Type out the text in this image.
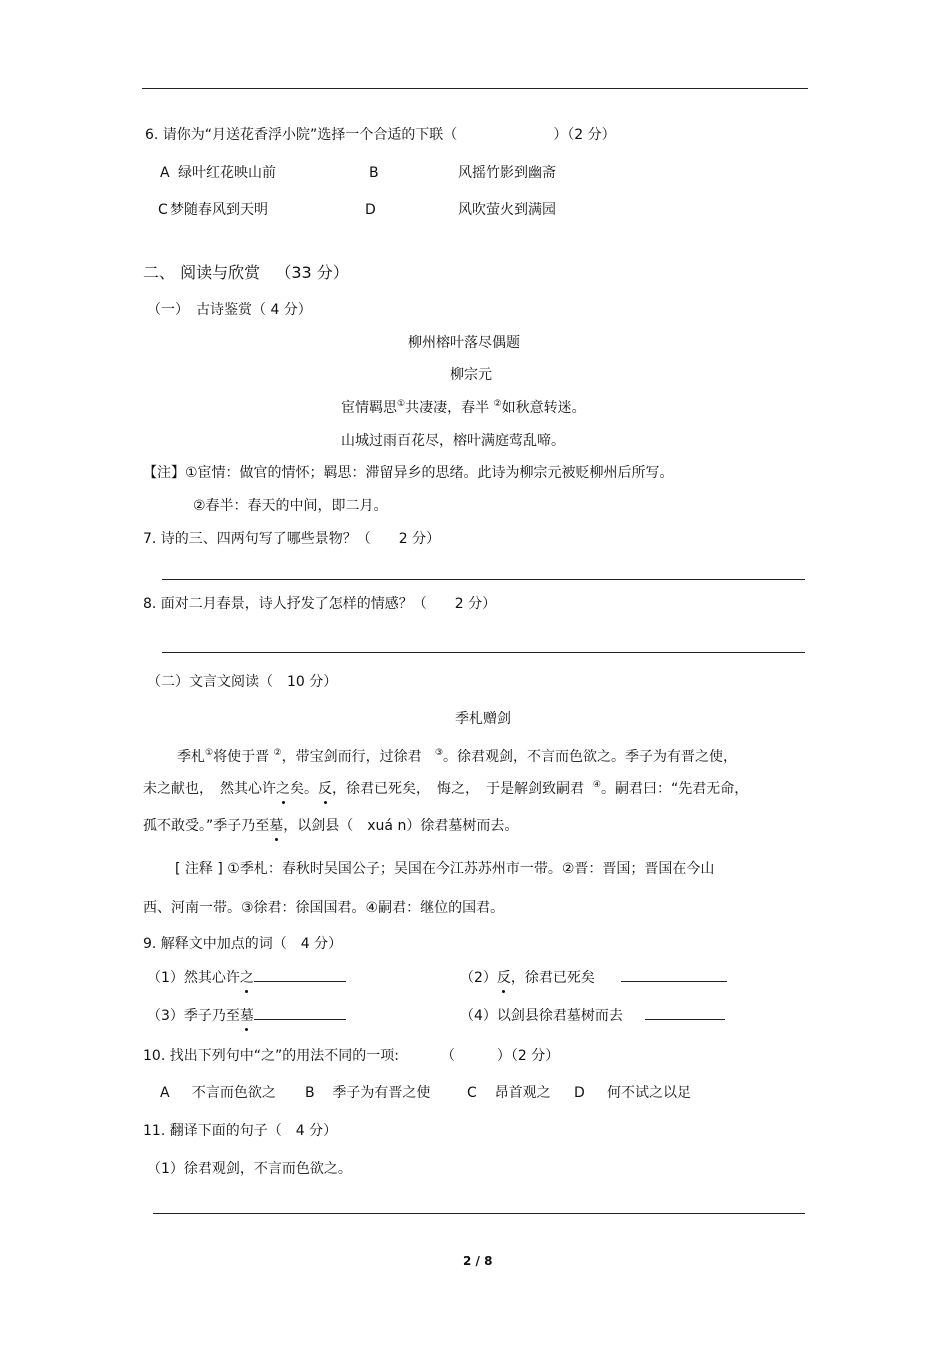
6. 请你为“月送花香浮小院”选择一个合适的下联（	）（2 分）
A 绿叶红花映山前	B	风摇竹影到幽斋
C 梦随春风到天明	D	风吹萤火到满园
二、 阅读与欣赏 （33 分）
（一）　古诗鉴赏（ 4 分）
柳州榕叶落尽偶题
柳宗元
宦情羁思①共凄凄，春半 ②如秋意转迷。
山城过雨百花尽，榕叶满庭莺乱啼。
【注】①宦情：做官的情怀；羁思：滞留异乡的思绪。此诗为柳宗元被贬柳州后所写。
②春半：春天的中间，即二月。
7. 诗的三、四两句写了哪些景物？（　　2 分）
8. 面对二月春景，诗人抒发了怎样的情感？（　　2 分）
（二）文言文阅读（　10 分）
季札赠剑
季札①将使于晋 ②，带宝剑而行，过徐君 ③。徐君观剑，不言而色欲之。季子为有晋之使，
未之献也，　然其心许之矣。反，徐君已死矣，　悔之，　于是解剑致嗣君 ④。嗣君曰：“先君无命，
孤不敢受。”季子乃至墓，以剑县（　xuá n）徐君墓树而去。
[ 注释 ] ①季札：春秋时吴国公子；吴国在今江苏苏州市一带。②晋：晋国；晋国在今山
西、河南一带。③徐君：徐国国君。④嗣君：继位的国君。
9. 解释文中加点的词（　4 分）
（1）然其心许之	（2）反，徐君已死矣
（3）季子乃至墓	（4）以剑县徐君墓树而去
10. 找出下列句中“之”的用法不同的一项:	（　　　）（2 分）
A 不言而色欲之 B 季子为有晋之使	C 昂首观之 D 何不试之以足
11. 翻译下面的句子（　4 分）
（1）徐君观剑，不言而色欲之。
2 / 8
